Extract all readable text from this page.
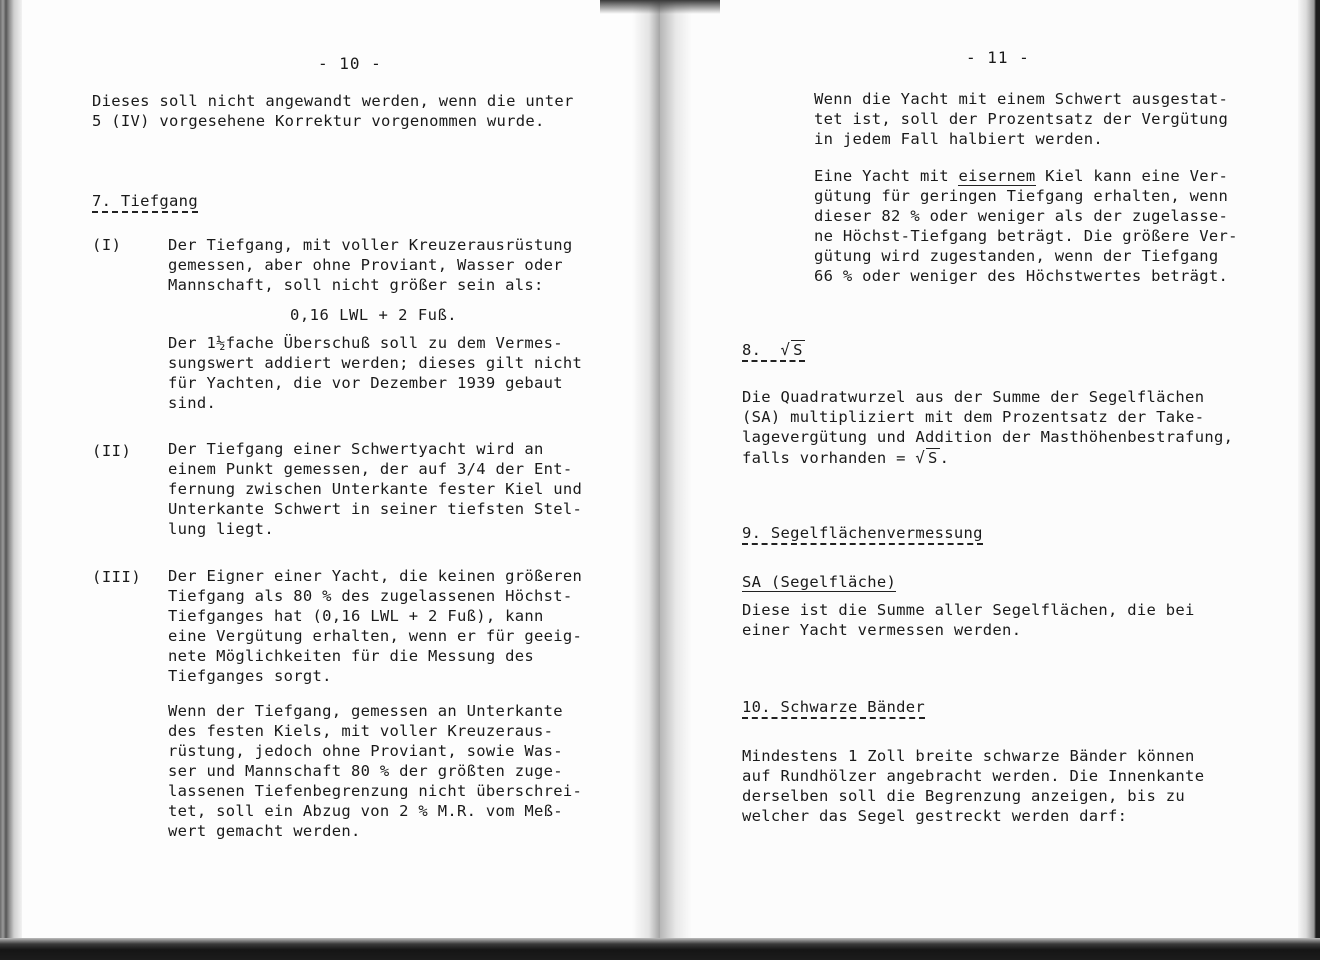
- 10 -
Dieses soll nicht angewandt werden, wenn die unter
5 (IV) vorgesehene Korrektur vorgenommen wurde.
7. Tiefgang
(I)	Der Tiefgang, mit voller Kreuzerausrüstung
gemessen, aber ohne Proviant, Wasser oder
Mannschaft, soll nicht größer sein als:
0,16 LWL + 2 Fuß.
Der 1½fache Überschuß soll zu dem Vermes-
sungswert addiert werden; dieses gilt nicht
für Yachten, die vor Dezember 1939 gebaut
sind.
(II) Der Tiefgang einer Schwertyacht wird an
einem Punkt gemessen, der auf 3/4 der Ent-
fernung zwischen Unterkante fester Kiel und
Unterkante Schwert in seiner tiefsten Stel-
lung liegt.
(III) Der Eigner einer Yacht, die keinen größeren
Tiefgang als 80 % des zugelassenen Höchst-
Tiefganges hat (0,16 LWL + 2 Fuß), kann
eine Vergütung erhalten, wenn er für geeig-
nete Möglichkeiten für die Messung des
Tiefganges sorgt.
Wenn der Tiefgang, gemessen an Unterkante
des festen Kiels, mit voller Kreuzeraus-
rüstung, jedoch ohne Proviant, sowie Was-
ser und Mannschaft 80 % der größten zuge-
lassenen Tiefenbegrenzung nicht überschrei-
tet, soll ein Abzug von 2 % M.R. vom Meß-
wert gemacht werden.
- 11 -
Wenn die Yacht mit einem Schwert ausgestat-
tet ist, soll der Prozentsatz der Vergütung
in jedem Fall halbiert werden.
Eine Yacht mit eisernem Kiel kann eine Ver-
gütung für geringen Tiefgang erhalten, wenn
dieser 82 % oder weniger als der zugelasse-
ne Höchst-Tiefgang beträgt. Die größere Ver-
gütung wird zugestanden, wenn der Tiefgang
66 % oder weniger des Höchstwertes beträgt.
8. √ S
Die Quadratwurzel aus der Summe der Segelflächen
(SA) multipliziert mit dem Prozentsatz der Take-
lagevergütung und Addition der Masthöhenbestrafung,
falls vorhanden = √ S .
9. Segelflächenvermessung
SA (Segelfläche)
Diese ist die Summe aller Segelflächen, die bei
einer Yacht vermessen werden.
10. Schwarze Bänder
Mindestens 1 Zoll breite schwarze Bänder können
auf Rundhölzer angebracht werden. Die Innenkante
derselben soll die Begrenzung anzeigen, bis zu
welcher das Segel gestreckt werden darf:
